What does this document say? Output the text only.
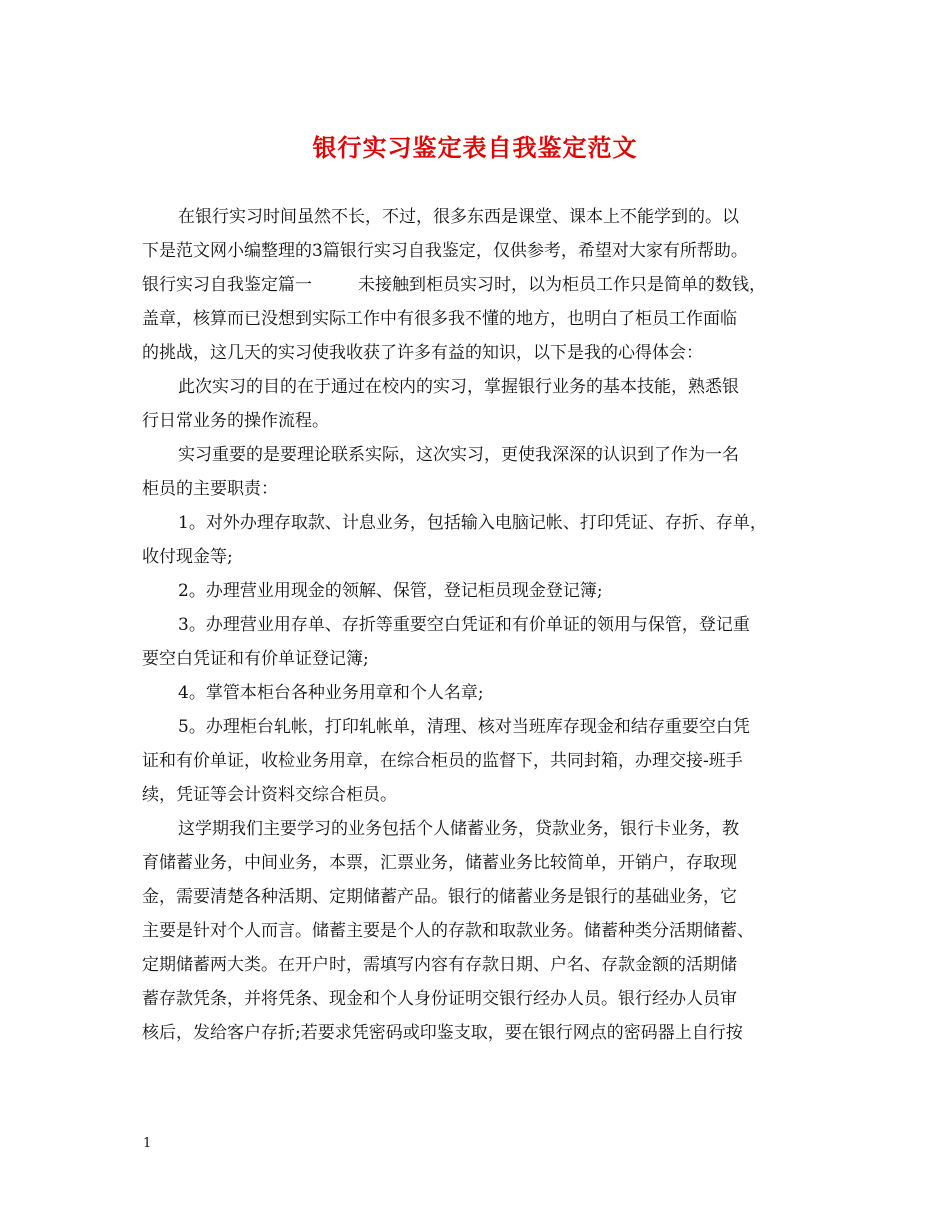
银行实习鉴定表自我鉴定范文
在银行实习时间虽然不长，不过，很多东西是课堂、课本上不能学到的。以
下是范文网小编整理的3篇银行实习自我鉴定，仅供参考，希望对大家有所帮助。
银行实习自我鉴定篇一	未接触到柜员实习时，以为柜员工作只是简单的数钱，
盖章，核算而已没想到实际工作中有很多我不懂的地方，也明白了柜员工作面临
的挑战，这几天的实习使我收获了许多有益的知识，以下是我的心得体会：
此次实习的目的在于通过在校内的实习，掌握银行业务的基本技能，熟悉银
行日常业务的操作流程。
实习重要的是要理论联系实际，这次实习，更使我深深的认识到了作为一名
柜员的主要职责：
1。对外办理存取款、计息业务，包括输入电脑记帐、打印凭证、存折、存单，
收付现金等;
2。办理营业用现金的领解、保管，登记柜员现金登记簿;
3。办理营业用存单、存折等重要空白凭证和有价单证的领用与保管，登记重
要空白凭证和有价单证登记簿;
4。掌管本柜台各种业务用章和个人名章;
5。办理柜台轧帐，打印轧帐单，清理、核对当班库存现金和结存重要空白凭
证和有价单证，收检业务用章，在综合柜员的监督下，共同封箱，办理交接-班手
续，凭证等会计资料交综合柜员。
这学期我们主要学习的业务包括个人储蓄业务，贷款业务，银行卡业务，教
育储蓄业务，中间业务，本票，汇票业务，储蓄业务比较简单，开销户，存取现
金，需要清楚各种活期、定期储蓄产品。银行的储蓄业务是银行的基础业务，它
主要是针对个人而言。储蓄主要是个人的存款和取款业务。储蓄种类分活期储蓄、
定期储蓄两大类。在开户时，需填写内容有存款日期、户名、存款金额的活期储
蓄存款凭条，并将凭条、现金和个人身份证明交银行经办人员。银行经办人员审
核后，发给客户存折;若要求凭密码或印鉴支取，要在银行网点的密码器上自行按
1
